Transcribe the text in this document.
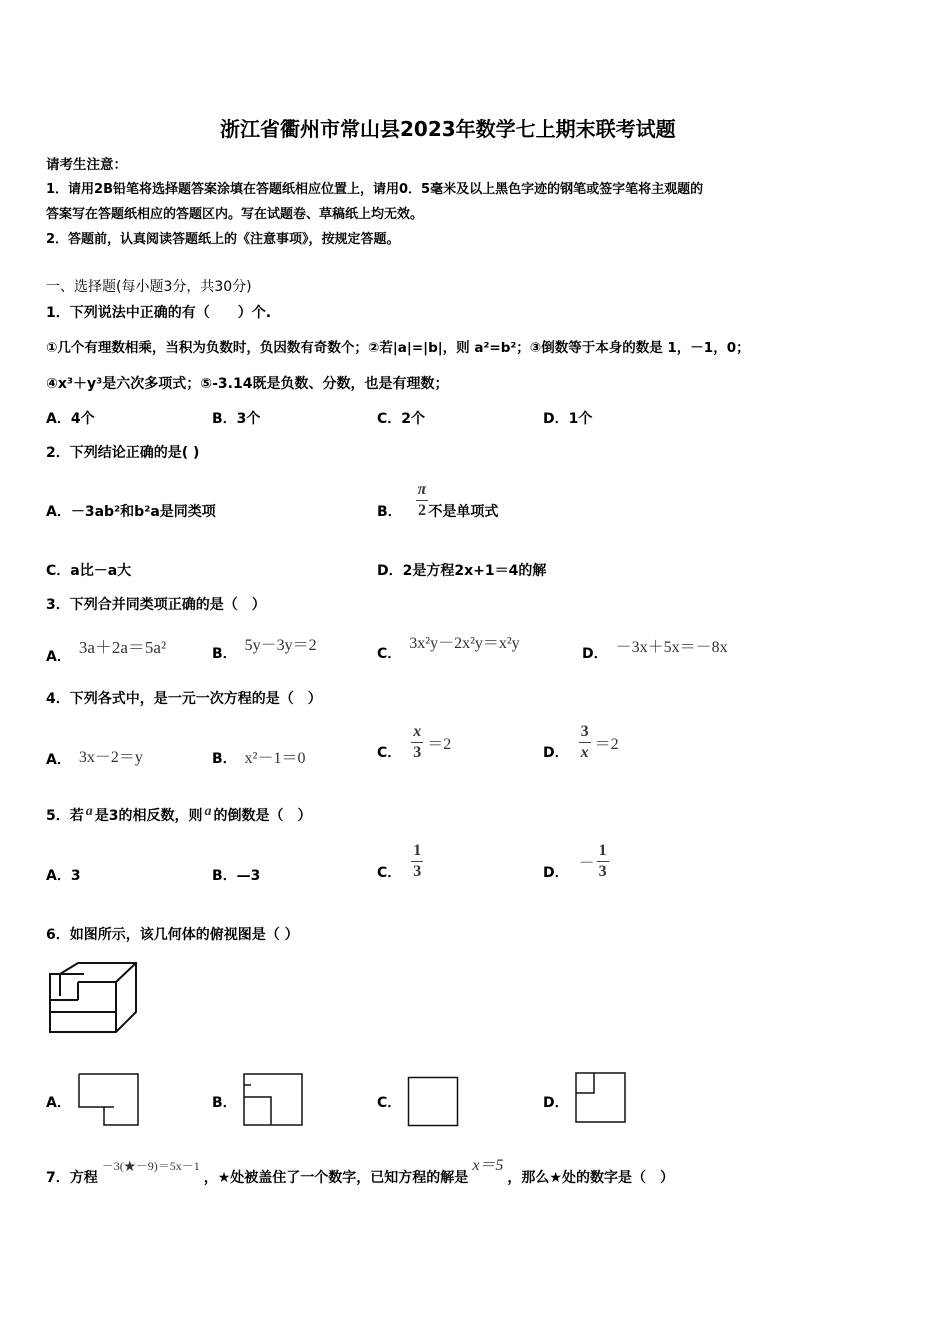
浙江省衢州市常山县2023年数学七上期末联考试题
请考生注意：
1．请用2B铅笔将选择题答案涂填在答题纸相应位置上，请用0．5毫米及以上黑色字迹的钢笔或签字笔将主观题的
答案写在答题纸相应的答题区内。写在试题卷、草稿纸上均无效。
2．答题前，认真阅读答题纸上的《注意事项》，按规定答题。
一、选择题(每小题3分，共30分)
1．下列说法中正确的有（　　）个.
①几个有理数相乘，当积为负数时，负因数有奇数个；②若|a|=|b|，则 a²=b²；③倒数等于本身的数是 1，－1，0；
④x³＋y³是六次多项式；⑤-3.14既是负数、分数，也是有理数；
A．4个	B．3个	C．2个	D．1个
2．下列结论正确的是( )
A．－3ab²和b²a是同类项	B． $\frac{\pi}{2}$ 不是单项式
C．a比－a大	D．2是方程2x+1＝4的解
3．下列合并同类项正确的是（　）
A． 3a＋2a＝5a²	B． 5y－3y＝2	C．3x²y－2x²y＝x²y
D． －3x＋5x＝－8x
4．下列各式中，是一元一次方程的是（　）
A． 3x－2＝y	B． x²－1＝0	C． $\frac{x}{3} =2$	D． $\frac{3}{x} =2$
5．若 a 是3的相反数，则 a 的倒数是（　）
A．3	B．—3	C． $\frac{1}{3}$	D．
－ $\frac{1}{3}$
6．如图所示，该几何体的俯视图是（ ）
A．	B．	C．	D．
7．方程－3(★－9)＝5x－1，★处被盖住了一个数字，已知方程的解是x＝5，那么★处的数字是（　）
